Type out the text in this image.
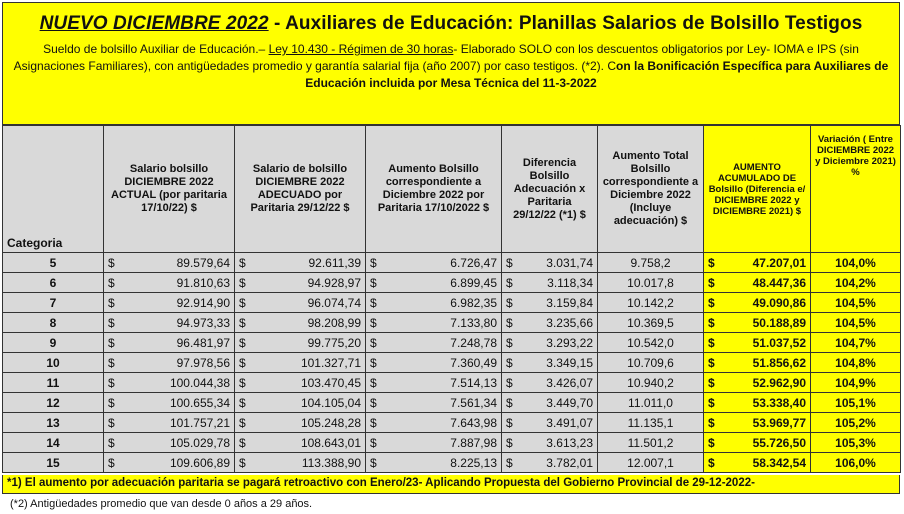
NUEVO DICIEMBRE 2022 - Auxiliares de Educación: Planillas Salarios de Bolsillo Testigos
Sueldo de bolsillo Auxiliar de Educación.– Ley 10.430 - Régimen de 30 horas- Elaborado SOLO con los descuentos obligatorios por Ley- IOMA e IPS (sin Asignaciones Familiares), con antigüedades promedio y garantía salarial fija (año 2007) por caso testigos. (*2). Con la Bonificación Específica para Auxiliares de Educación incluida por Mesa Técnica del 11-3-2022
Categoria	Salario bolsillo DICIEMBRE 2022 ACTUAL (por paritaria 17/10/22) $	Salario de bolsillo DICIEMBRE 2022 ADECUADO por Paritaria 29/12/22 $	Aumento Bolsillo correspondiente a Diciembre 2022 por Paritaria 17/10/2022 $	Diferencia Bolsillo Adecuación x Paritaria 29/12/22 (*1) $	Aumento Total Bolsillo correspondiente a Diciembre 2022 (Incluye adecuación) $	AUMENTO ACUMULADO DE Bolsillo (Diferencia e/ DICIEMBRE 2022 y DICIEMBRE 2021) $	Variación ( Entre DICIEMBRE 2022 y Diciembre 2021) %
5	$ 89.579,64	$ 92.611,39	$ 6.726,47	$ 3.031,74	9.758,2	$ 47.207,01	104,0%
6	$ 91.810,63	$ 94.928,97	$ 6.899,45	$ 3.118,34	10.017,8	$ 48.447,36	104,2%
7	$ 92.914,90	$ 96.074,74	$ 6.982,35	$ 3.159,84	10.142,2	$ 49.090,86	104,5%
8	$ 94.973,33	$ 98.208,99	$ 7.133,80	$ 3.235,66	10.369,5	$ 50.188,89	104,5%
9	$ 96.481,97	$ 99.775,20	$ 7.248,78	$ 3.293,22	10.542,0	$ 51.037,52	104,7%
10	$ 97.978,56	$ 101.327,71	$ 7.360,49	$ 3.349,15	10.709,6	$ 51.856,62	104,8%
11	$ 100.044,38	$ 103.470,45	$ 7.514,13	$ 3.426,07	10.940,2	$ 52.962,90	104,9%
12	$ 100.655,34	$ 104.105,04	$ 7.561,34	$ 3.449,70	11.011,0	$ 53.338,40	105,1%
13	$ 101.757,21	$ 105.248,28	$ 7.643,98	$ 3.491,07	11.135,1	$ 53.969,77	105,2%
14	$ 105.029,78	$ 108.643,01	$ 7.887,98	$ 3.613,23	11.501,2	$ 55.726,50	105,3%
15	$ 109.606,89	$ 113.388,90	$ 8.225,13	$ 3.782,01	12.007,1	$ 58.342,54	106,0%
*1) El aumento por adecuación paritaria se pagará retroactivo con Enero/23- Aplicando Propuesta del Gobierno Provincial de 29-12-2022-
(*2) Antigüedades promedio que van desde 0 años a 29 años.
